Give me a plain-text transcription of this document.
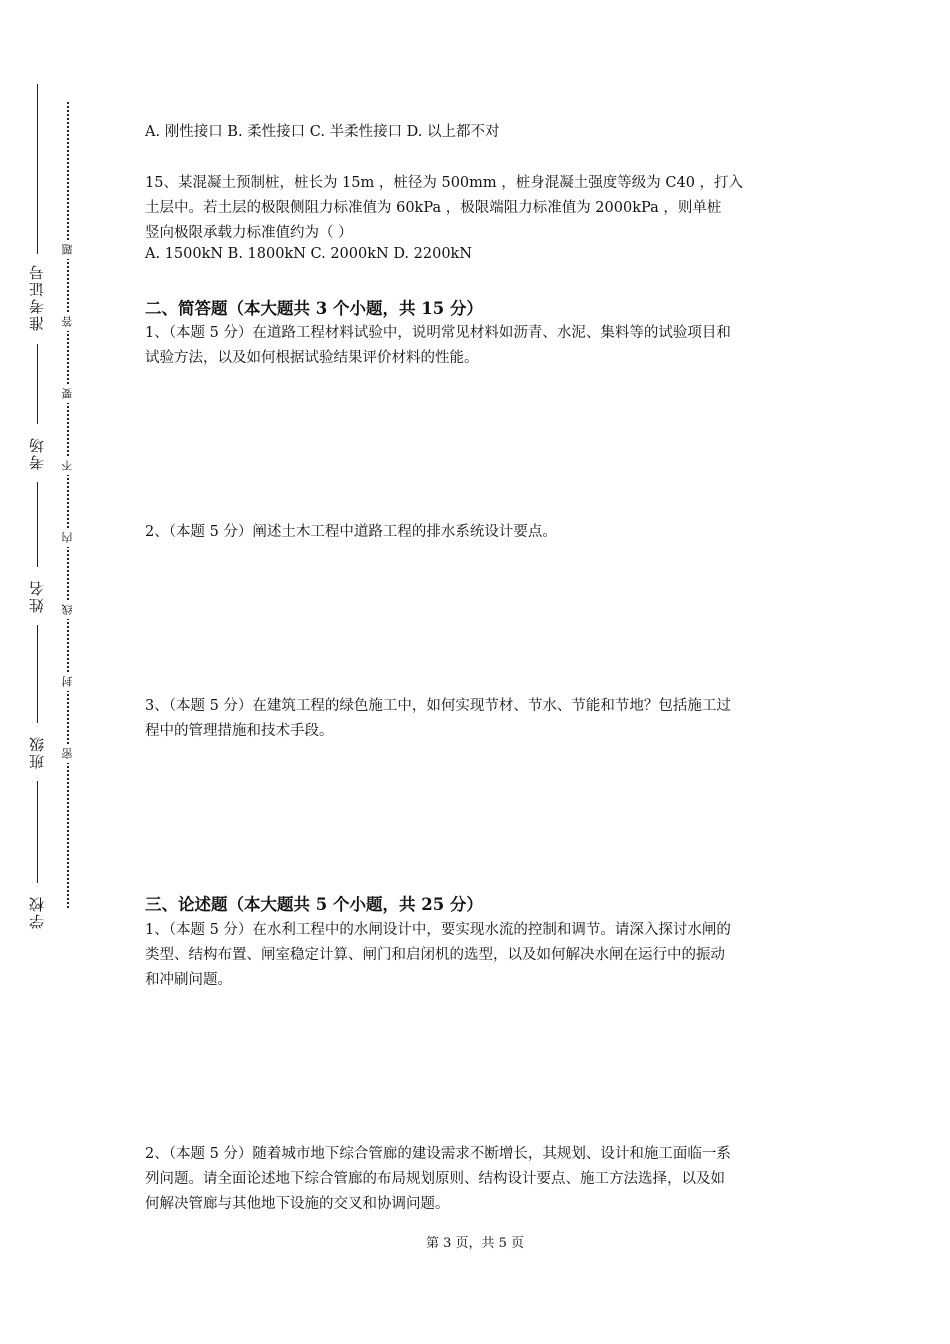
准考证号
考场
姓名
班级
学校
题
答
要
不
内
线
封
密
A. 刚性接口 B. 柔性接口 C. 半柔性接口 D. 以上都不对
15、某混凝土预制桩，桩长为 15m ，桩径为 500mm ，桩身混凝土强度等级为 C40 ，打入
土层中。若土层的极限侧阻力标准值为 60kPa ，极限端阻力标准值为 2000kPa ，则单桩
竖向极限承载力标准值约为（ ）
A. 1500kN B. 1800kN C. 2000kN D. 2200kN
二、简答题（本大题共 3 个小题，共 15 分）
1、（本题 5 分）在道路工程材料试验中，说明常见材料如沥青、水泥、集料等的试验项目和
试验方法，以及如何根据试验结果评价材料的性能。
2、（本题 5 分）阐述土木工程中道路工程的排水系统设计要点。
3、（本题 5 分）在建筑工程的绿色施工中，如何实现节材、节水、节能和节地？包括施工过
程中的管理措施和技术手段。
三、论述题（本大题共 5 个小题，共 25 分）
1、（本题 5 分）在水利工程中的水闸设计中，要实现水流的控制和调节。请深入探讨水闸的
类型、结构布置、闸室稳定计算、闸门和启闭机的选型，以及如何解决水闸在运行中的振动
和冲刷问题。
2、（本题 5 分）随着城市地下综合管廊的建设需求不断增长，其规划、设计和施工面临一系
列问题。请全面论述地下综合管廊的布局规划原则、结构设计要点、施工方法选择，以及如
何解决管廊与其他地下设施的交叉和协调问题。
第 3 页，共 5 页
